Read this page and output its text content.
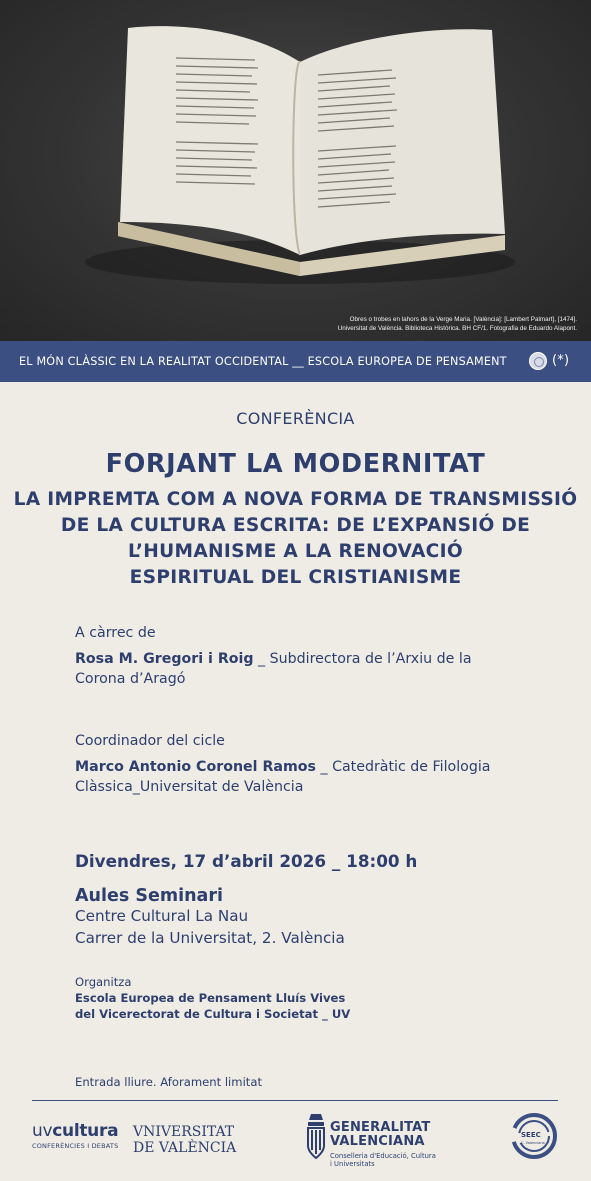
Obres o trobes en lahors de la Verge Maria. [València]: [Lambert Palmart], [1474].
Universitat de València. Biblioteca Històrica. BH CF/1. Fotografia de Eduardo Alapont.
EL MÓN CLÀSSIC EN LA REALITAT OCCIDENTAL __ ESCOLA EUROPEA DE PENSAMENT	(*)
CONFERÈNCIA
FORJANT LA MODERNITAT
LA IMPREMTA COM A NOVA FORMA DE TRANSMISSIÓ
DE LA CULTURA ESCRITA: DE L’EXPANSIÓ DE
L’HUMANISME A LA RENOVACIÓ
ESPIRITUAL DEL CRISTIANISME
A càrrec de
Rosa M. Gregori i Roig _ Subdirectora de l’Arxiu de la
Corona d’Aragó
Coordinador del cicle
Marco Antonio Coronel Ramos _ Catedràtic de Filologia
Clàssica_Universitat de València
Divendres, 17 d’abril 2026 _ 18:00 h
Aules Seminari
Centre Cultural La Nau
Carrer de la Universitat, 2. València
Organitza
Escola Europea de Pensament Lluís Vives
del Vicerectorat de Cultura i Societat _ UV
Entrada lliure. Aforament limitat
uvcultura
CONFERÈNCIES I DEBATS
VNIVERSITAT
DE VALÈNCIA
GENERALITAT
VALENCIANA
Conselleria d'Educació, Cultura
i Universitats
SEEC
C. Valenciana
